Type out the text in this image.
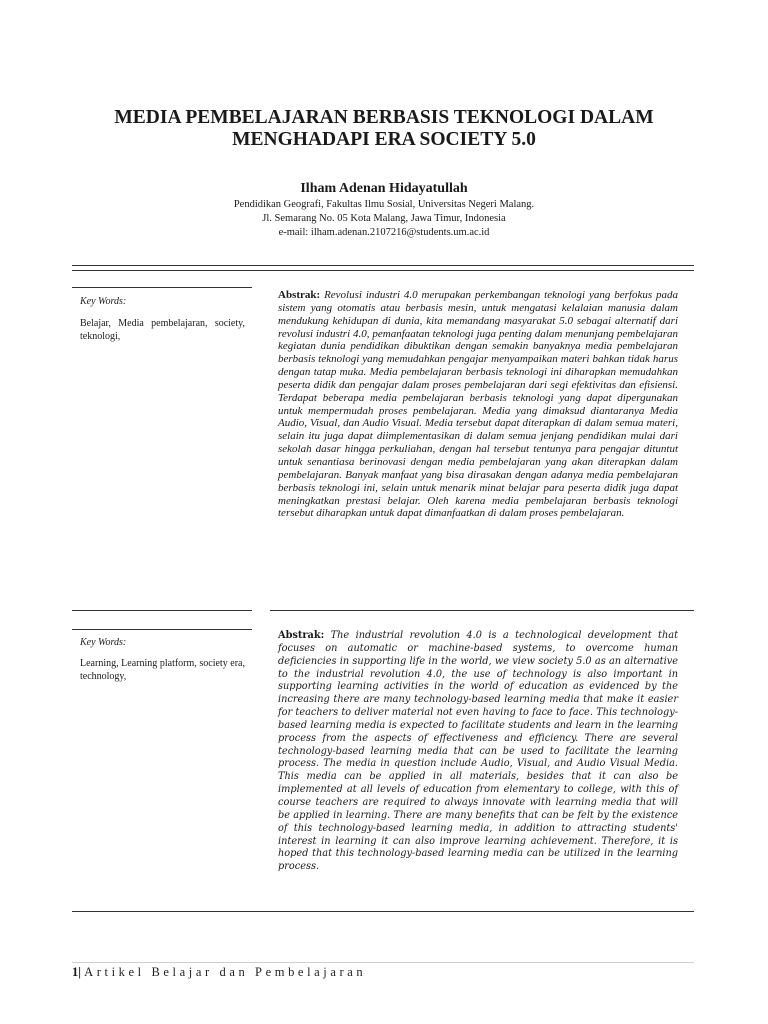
MEDIA PEMBELAJARAN BERBASIS TEKNOLOGI DALAM
MENGHADAPI ERA SOCIETY 5.0
Ilham Adenan Hidayatullah
Pendidikan Geografi, Fakultas Ilmu Sosial, Universitas Negeri Malang.
Jl. Semarang No. 05 Kota Malang, Jawa Timur, Indonesia
e-mail: ilham.adenan.2107216@students.um.ac.id
Key Words:
Belajar, Media pembelajaran, society, teknologi,
Abstrak: Revolusi industri 4.0 merupakan perkembangan teknologi yang berfokus pada sistem yang otomatis atau berbasis mesin, untuk mengatasi kelalaian manusia dalam mendukung kehidupan di dunia, kita memandang masyarakat 5.0 sebagai alternatif dari revolusi industri 4.0, pemanfaatan teknologi juga penting dalam menunjang pembelajaran kegiatan dunia pendidikan dibuktikan dengan semakin banyaknya media pembelajaran berbasis teknologi yang memudahkan pengajar menyampaikan materi bahkan tidak harus dengan tatap muka. Media pembelajaran berbasis teknologi ini diharapkan memudahkan peserta didik dan pengajar dalam proses pembelajaran dari segi efektivitas dan efisiensi. Terdapat beberapa media pembelajaran berbasis teknologi yang dapat dipergunakan untuk mempermudah proses pembelajaran. Media yang dimaksud diantaranya Media Audio, Visual, dan Audio Visual. Media tersebut dapat diterapkan di dalam semua materi, selain itu juga dapat diimplementasikan di dalam semua jenjang pendidikan mulai dari sekolah dasar hingga perkuliahan, dengan hal tersebut tentunya para pengajar dituntut untuk senantiasa berinovasi dengan media pembelajaran yang akan diterapkan dalam pembelajaran. Banyak manfaat yang bisa dirasakan dengan adanya media pembelajaran berbasis teknologi ini, selain untuk menarik minat belajar para peserta didik juga dapat meningkatkan prestasi belajar. Oleh karena media pembelajaran berbasis teknologi tersebut diharapkan untuk dapat dimanfaatkan di dalam proses pembelajaran.
Key Words:
Learning, Learning platform, society era, technology,
Abstrak: The industrial revolution 4.0 is a technological development that focuses on automatic or machine-based systems, to overcome human deficiencies in supporting life in the world, we view society 5.0 as an alternative to the industrial revolution 4.0, the use of technology is also important in supporting learning activities in the world of education as evidenced by the increasing there are many technology-based learning media that make it easier for teachers to deliver material not even having to face to face. This technology-based learning media is expected to facilitate students and learn in the learning process from the aspects of effectiveness and efficiency. There are several technology-based learning media that can be used to facilitate the learning process. The media in question include Audio, Visual, and Audio Visual Media. This media can be applied in all materials, besides that it can also be implemented at all levels of education from elementary to college, with this of course teachers are required to always innovate with learning media that will be applied in learning. There are many benefits that can be felt by the existence of this technology-based learning media, in addition to attracting students' interest in learning it can also improve learning achievement. Therefore, it is hoped that this technology-based learning media can be utilized in the learning process.
1| Artikel Belajar dan Pembelajaran
